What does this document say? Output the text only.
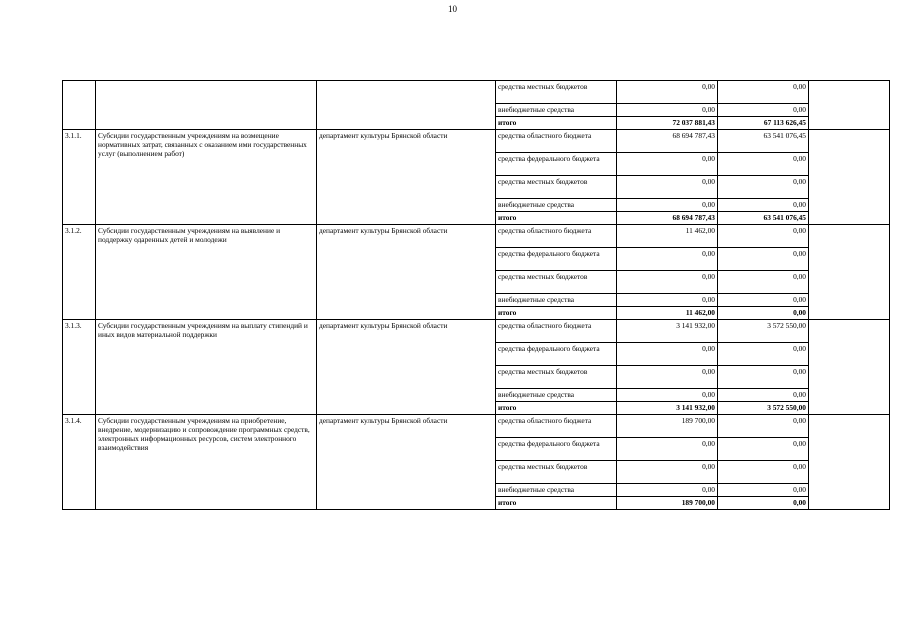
10
			средства местных бюджетов	0,00	0,00	
			внебюджетные средства	0,00	0,00	
			итого	72 037 881,43	67 113 626,45	
3.1.1.	Субсидии государственным учреждениям на возмещение нормативных затрат, связанных с оказанием ими государственных услуг (выполнением работ)	департамент культуры Брянской области	средства областного бюджета	68 694 787,43	63 541 076,45	
			средства федерального бюджета	0,00	0,00	
			средства местных бюджетов	0,00	0,00	
			внебюджетные средства	0,00	0,00	
			итого	68 694 787,43	63 541 076,45	
3.1.2.	Субсидии государственным учреждениям на выявление и поддержку одаренных детей и молодежи	департамент культуры Брянской области	средства областного бюджета	11 462,00	0,00	
			средства федерального бюджета	0,00	0,00	
			средства местных бюджетов	0,00	0,00	
			внебюджетные средства	0,00	0,00	
			итого	11 462,00	0,00	
3.1.3.	Субсидии государственным учреждениям на выплату стипендий и иных видов материальной поддержки	департамент культуры Брянской области	средства областного бюджета	3 141 932,00	3 572 550,00	
			средства федерального бюджета	0,00	0,00	
			средства местных бюджетов	0,00	0,00	
			внебюджетные средства	0,00	0,00	
			итого	3 141 932,00	3 572 550,00	
3.1.4.	Субсидии государственным учреждениям на приобретение, внедрение, модернизацию и сопровождение программных средств, электронных информационных ресурсов, систем электронного взаимодействия	департамент культуры Брянской области	средства областного бюджета	189 700,00	0,00	
			средства федерального бюджета	0,00	0,00	
			средства местных бюджетов	0,00	0,00	
			внебюджетные средства	0,00	0,00	
			итого	189 700,00	0,00	
